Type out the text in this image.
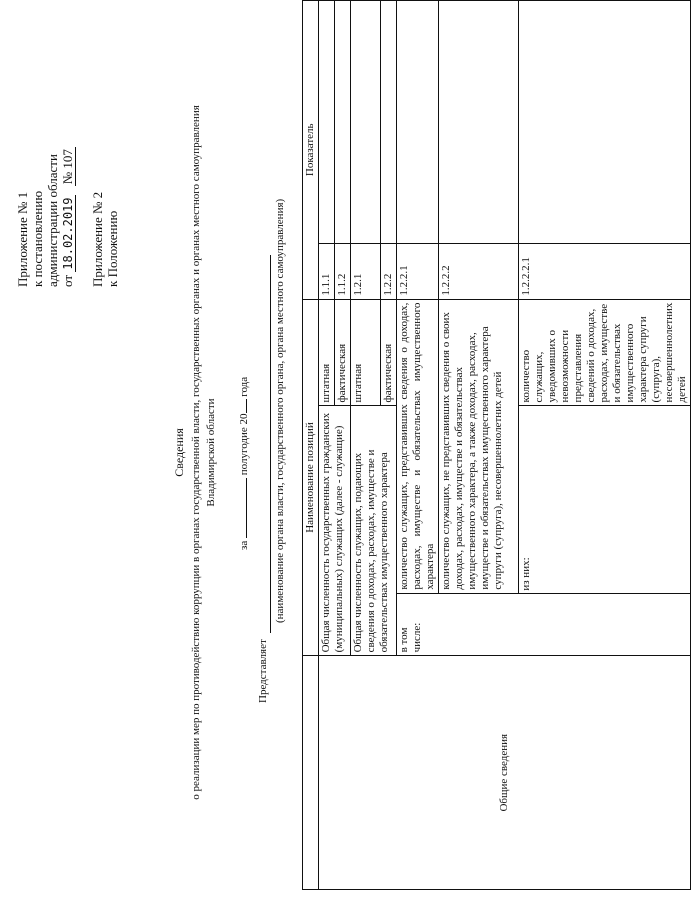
Приложение № 1 к постановлению администрации области от 18.02.2019 № 107
Приложение № 2 к Положению
Сведения о реализации мер по противодействию коррупции в органах государственной власти, государственных органах и органах местного самоуправления Владимирской области
за  полугодие 20 года
Представляет
(наименование органа власти, государственного органа, органа местного самоуправления)
	Наименование позиций			Показатель	
Общие сведения	Общая численность государственных гражданских (муниципальных) служащих (далее - служащие)		штатная	1.1.1	
			фактическая	1.1.2	
	Общая численность служащих, подающих сведения о доходах, расходах, имуществе и обязательствах имущественного характера		штатная	1.2.1	
			фактическая	1.2.2	
	в том числе:	количество служащих, представивших сведения о доходах, расходах, имуществе и обязательствах имущественного характера		1.2.2.1	
		количество служащих, не представивших сведения о своих доходах, расходах, имуществе и обязательствах имущественного характера, а также доходах, расходах, имуществе и обязательствах имущественного характера супруги (супруга), несовершеннолетних детей		1.2.2.2	
		из них:	количество служащих, уведомивших о невозможности представления сведений о доходах, расходах, имуществе и обязательствах имущественного характера супруги (супруга), несовершеннолетних детей	1.2.2.2.1	
